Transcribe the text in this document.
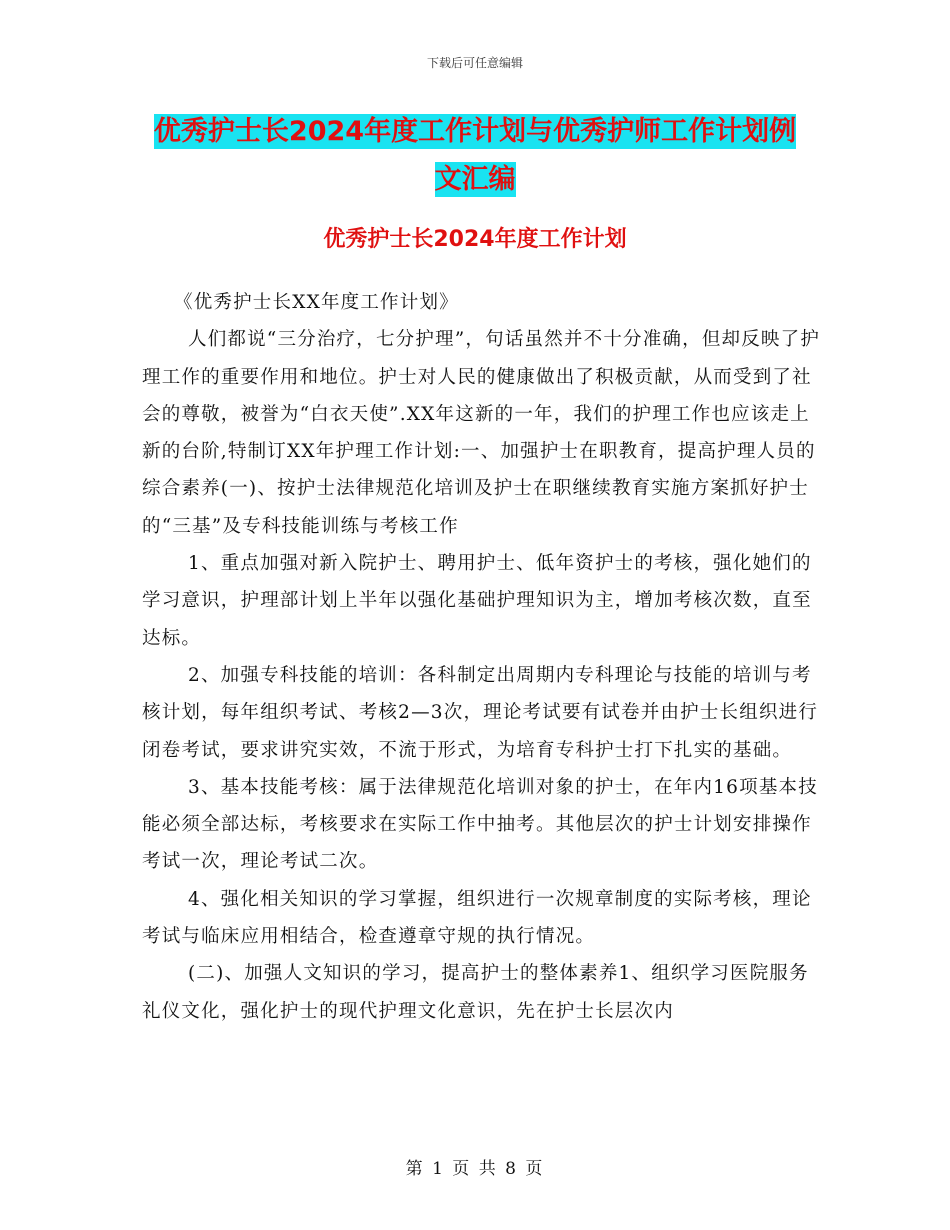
下载后可任意编辑
优秀护士长2024年度工作计划与优秀护师工作计划例
文汇编
优秀护士长2024年度工作计划

《优秀护士长XX年度工作计划》

人们都说“三分治疗，七分护理”，句话虽然并不十分准确，但却反映了护理工作的重要作用和地位。护士对人民的健康做出了积极贡献，从而受到了社会的尊敬，被誉为“白衣天使”.XX年这新的一年，我们的护理工作也应该走上新的台阶,特制订XX年护理工作计划:一、加强护士在职教育，提高护理人员的综合素养(一)、按护士法律规范化培训及护士在职继续教育实施方案抓好护士的“三基”及专科技能训练与考核工作

1、重点加强对新入院护士、聘用护士、低年资护士的考核，强化她们的学习意识，护理部计划上半年以强化基础护理知识为主，增加考核次数，直至达标。

2、加强专科技能的培训：各科制定出周期内专科理论与技能的培训与考核计划，每年组织考试、考核2—3次，理论考试要有试卷并由护士长组织进行闭卷考试，要求讲究实效，不流于形式，为培育专科护士打下扎实的基础。

3、基本技能考核：属于法律规范化培训对象的护士，在年内16项基本技能必须全部达标，考核要求在实际工作中抽考。其他层次的护士计划安排操作考试一次，理论考试二次。

4、强化相关知识的学习掌握，组织进行一次规章制度的实际考核，理论考试与临床应用相结合，检查遵章守规的执行情况。

(二)、加强人文知识的学习，提高护士的整体素养1、组织学习医院服务礼仪文化，强化护士的现代护理文化意识，先在护士长层次内

第 1 页 共 8 页
